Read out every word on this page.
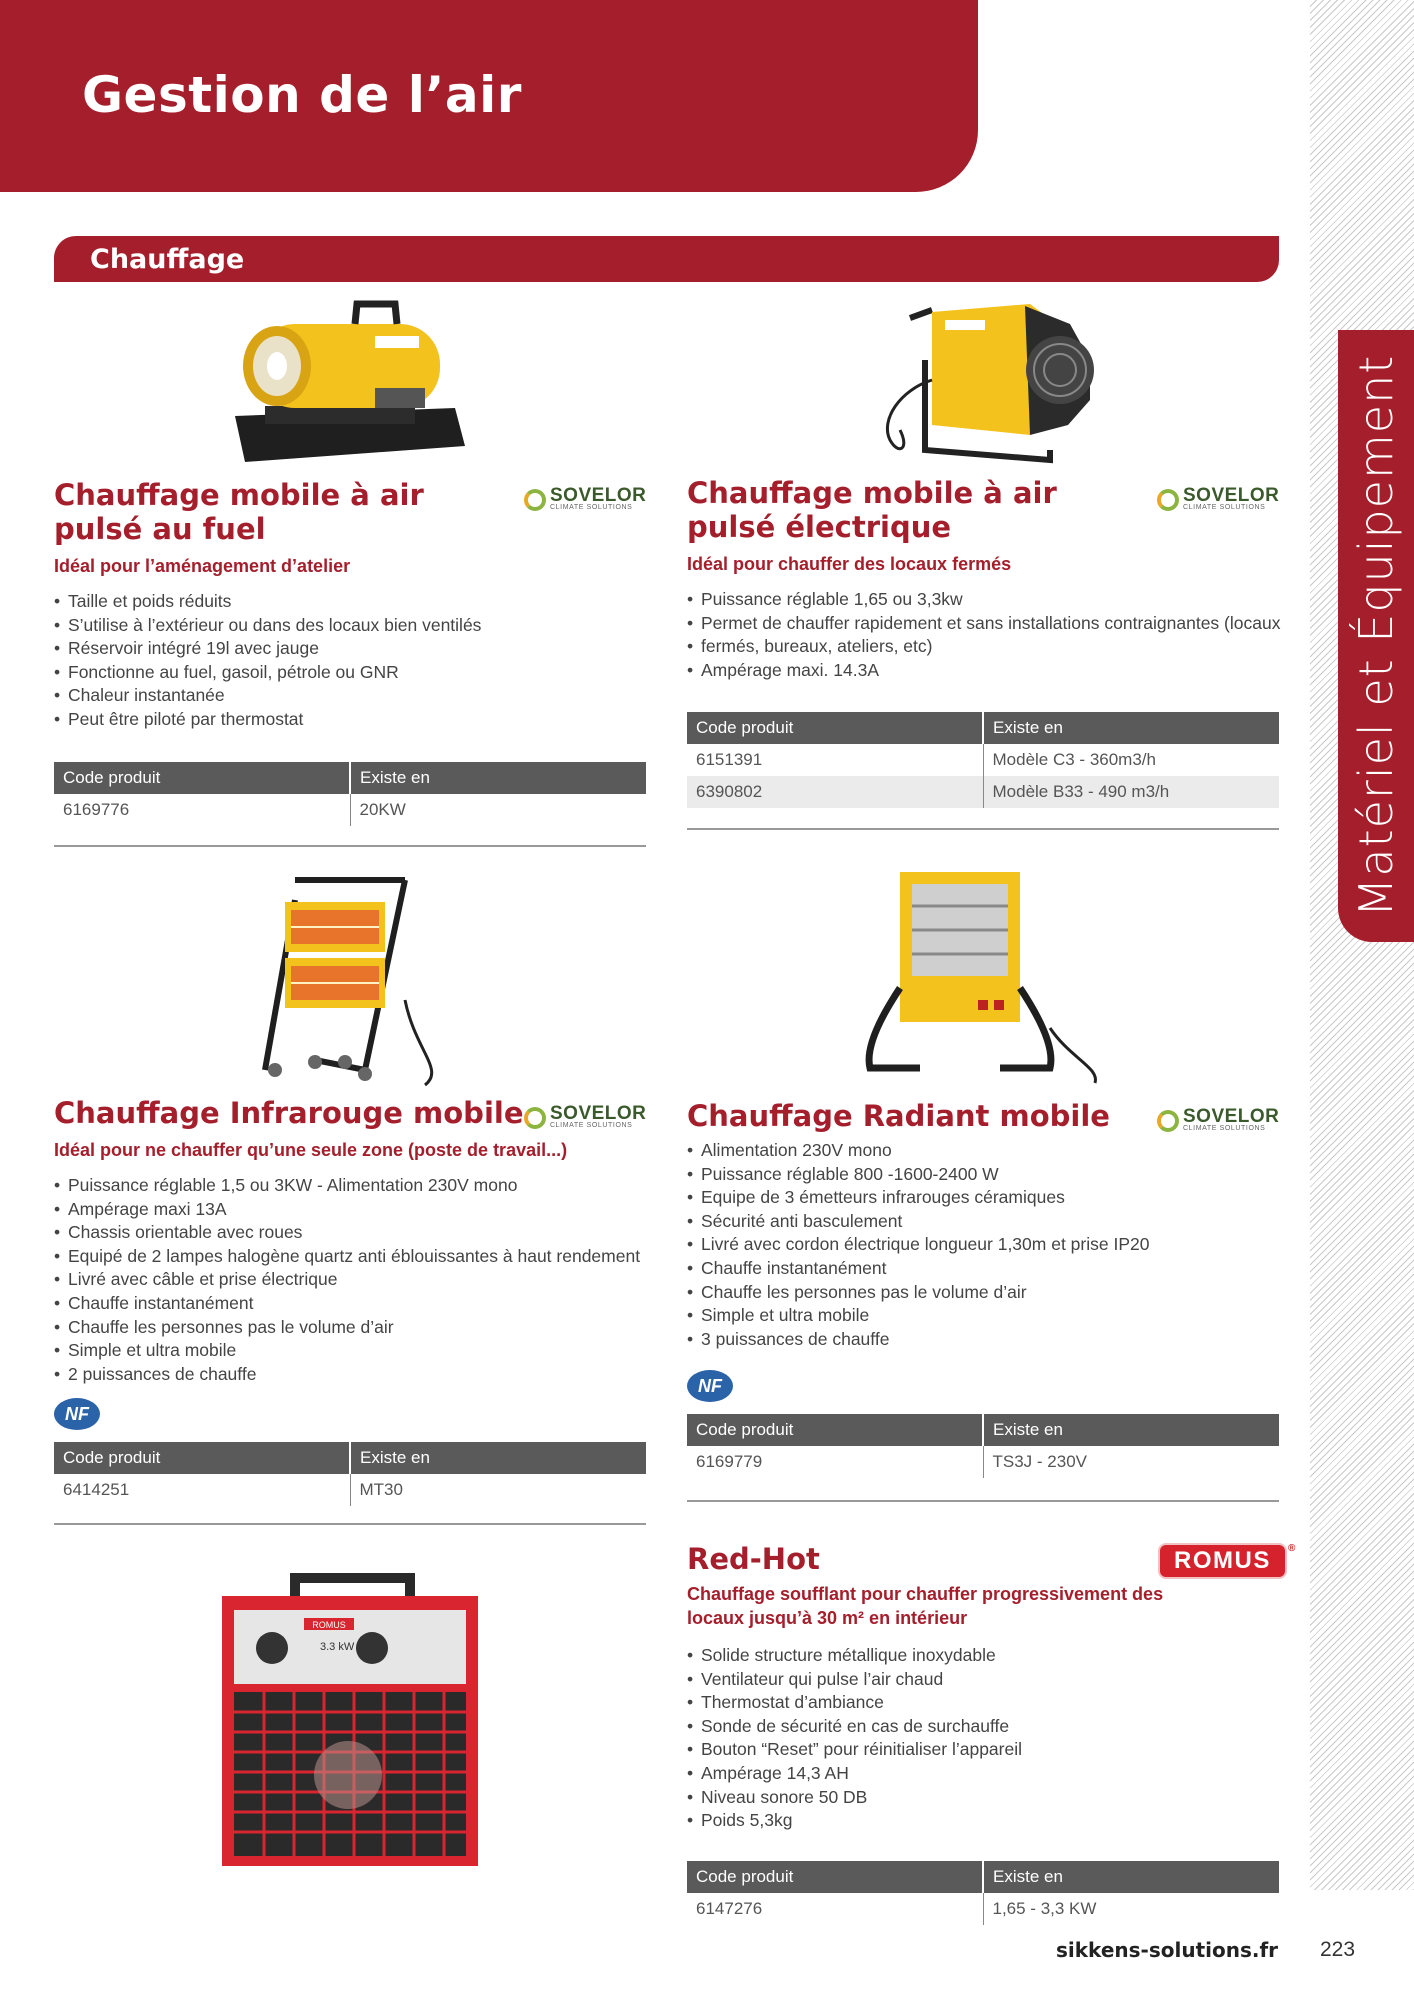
Matériel et Équipement
Gestion de l’air
Chauffage
SOVELOR
CLIMATE SOLUTIONS
Chauffage mobile à air
pulsé au fuel
Idéal pour l’aménagement d’atelier
• Taille et poids réduits
• S’utilise à l’extérieur ou dans des locaux bien ventilés
• Réservoir intégré 19l avec jauge
• Fonctionne au fuel, gasoil, pétrole ou GNR
• Chaleur instantanée
• Peut être piloté par thermostat
Code produit	Existe en
6169776	20KW
SOVELOR
CLIMATE SOLUTIONS
Chauffage mobile à air
pulsé électrique
Idéal pour chauffer des locaux fermés
• Puissance réglable 1,65 ou 3,3kw
• Permet de chauffer rapidement et sans installations contraignantes (locaux
• fermés, bureaux, ateliers, etc)
• Ampérage maxi. 14.3A
Code produit	Existe en
6151391	Modèle C3 - 360m3/h
6390802	Modèle B33 - 490 m3/h
SOVELOR
CLIMATE SOLUTIONS
Chauffage Infrarouge mobile
Idéal pour ne chauffer qu’une seule zone (poste de travail...)
• Puissance réglable 1,5 ou 3KW - Alimentation 230V mono
• Ampérage maxi 13A
• Chassis orientable avec roues
• Equipé de 2 lampes halogène quartz anti éblouissantes à haut rendement
• Livré avec câble et prise électrique
• Chauffe instantanément
• Chauffe les personnes pas le volume d’air
• Simple et ultra mobile
• 2 puissances de chauffe
NF
Code produit	Existe en
6414251	MT30
SOVELOR
CLIMATE SOLUTIONS
Chauffage Radiant mobile
• Alimentation 230V mono
• Puissance réglable 800 -1600-2400 W
• Equipe de 3 émetteurs infrarouges céramiques
• Sécurité anti basculement
• Livré avec cordon électrique longueur 1,30m et prise IP20
• Chauffe instantanément
• Chauffe les personnes pas le volume d’air
• Simple et ultra mobile
• 3 puissances de chauffe
NF
Code produit	Existe en
6169779	TS3J - 230V
ROMUS
3.3 kW
ROMUS ®
Red-Hot
Chauffage soufflant pour chauffer progressivement des
locaux jusqu’à 30 m² en intérieur
• Solide structure métallique inoxydable
• Ventilateur qui pulse l’air chaud
• Thermostat d’ambiance
• Sonde de sécurité en cas de surchauffe
• Bouton “Reset” pour réinitialiser l’appareil
• Ampérage 14,3 AH
• Niveau sonore 50 DB
• Poids 5,3kg
Code produit	Existe en
6147276	1,65 - 3,3 KW
sikkens-solutions.fr 223
